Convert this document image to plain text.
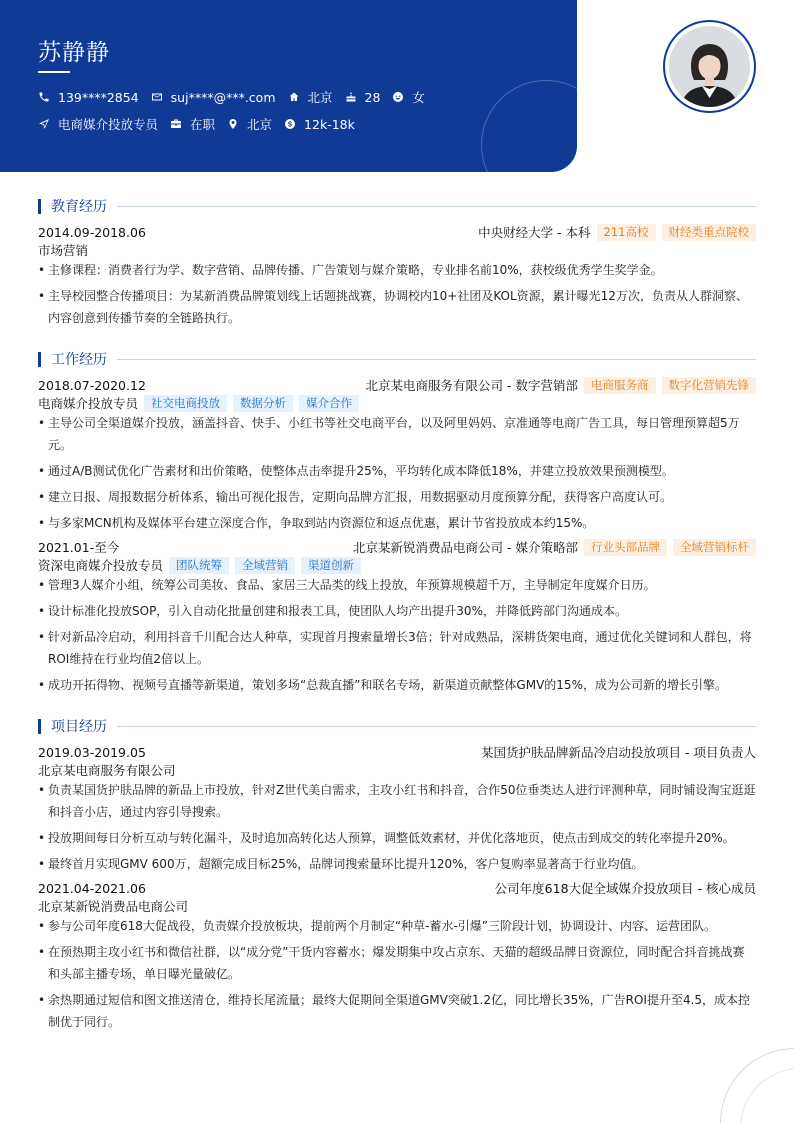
苏静静
139****2854	suj****@***.com	北京	28	女
电商媒介投放专员	在职	北京	12k-18k
教育经历
2014.09-2018.06	中央财经大学 - 本科	211高校	财经类重点院校
市场营销
• 主修课程：消费者行为学、数字营销、品牌传播、广告策划与媒介策略，专业排名前10%，获校级优秀学生奖学金。
• 主导校园整合传播项目：为某新消费品牌策划线上话题挑战赛，协调校内10+社团及KOL资源，累计曝光12万次，负责从人群洞察、内容创意到传播节奏的全链路执行。
工作经历
2018.07-2020.12	北京某电商服务有限公司 - 数字营销部	电商服务商	数字化营销先锋
电商媒介投放专员	社交电商投放	数据分析	媒介合作
• 主导公司全渠道媒介投放，涵盖抖音、快手、小红书等社交电商平台，以及阿里妈妈、京准通等电商广告工具，每日管理预算超5万元。
• 通过A/B测试优化广告素材和出价策略，使整体点击率提升25%，平均转化成本降低18%，并建立投放效果预测模型。
• 建立日报、周报数据分析体系，输出可视化报告，定期向品牌方汇报，用数据驱动月度预算分配，获得客户高度认可。
• 与多家MCN机构及媒体平台建立深度合作，争取到站内资源位和返点优惠，累计节省投放成本约15%。
2021.01-至今	北京某新锐消费品电商公司 - 媒介策略部	行业头部品牌	全域营销标杆
资深电商媒介投放专员	团队统筹	全域营销	渠道创新
• 管理3人媒介小组，统筹公司美妆、食品、家居三大品类的线上投放，年预算规模超千万，主导制定年度媒介日历。
• 设计标准化投放SOP，引入自动化批量创建和报表工具，使团队人均产出提升30%，并降低跨部门沟通成本。
• 针对新品冷启动，利用抖音千川配合达人种草，实现首月搜索量增长3倍；针对成熟品，深耕货架电商，通过优化关键词和人群包，将ROI维持在行业均值2倍以上。
• 成功开拓得物、视频号直播等新渠道，策划多场“总裁直播”和联名专场，新渠道贡献整体GMV的15%，成为公司新的增长引擎。
项目经历
2019.03-2019.05	某国货护肤品牌新品冷启动投放项目 - 项目负责人
北京某电商服务有限公司
• 负责某国货护肤品牌的新品上市投放，针对Z世代美白需求，主攻小红书和抖音，合作50位垂类达人进行评测种草，同时铺设淘宝逛逛和抖音小店，通过内容引导搜索。
• 投放期间每日分析互动与转化漏斗，及时追加高转化达人预算，调整低效素材，并优化落地页，使点击到成交的转化率提升20%。
• 最终首月实现GMV 600万，超额完成目标25%，品牌词搜索量环比提升120%，客户复购率显著高于行业均值。
2021.04-2021.06	公司年度618大促全域媒介投放项目 - 核心成员
北京某新锐消费品电商公司
• 参与公司年度618大促战役，负责媒介投放板块，提前两个月制定“种草-蓄水-引爆”三阶段计划，协调设计、内容、运营团队。
• 在预热期主攻小红书和微信社群，以“成分党”干货内容蓄水；爆发期集中攻占京东、天猫的超级品牌日资源位，同时配合抖音挑战赛和头部主播专场，单日曝光量破亿。
• 余热期通过短信和图文推送清仓，维持长尾流量；最终大促期间全渠道GMV突破1.2亿，同比增长35%，广告ROI提升至4.5，成本控制优于同行。
